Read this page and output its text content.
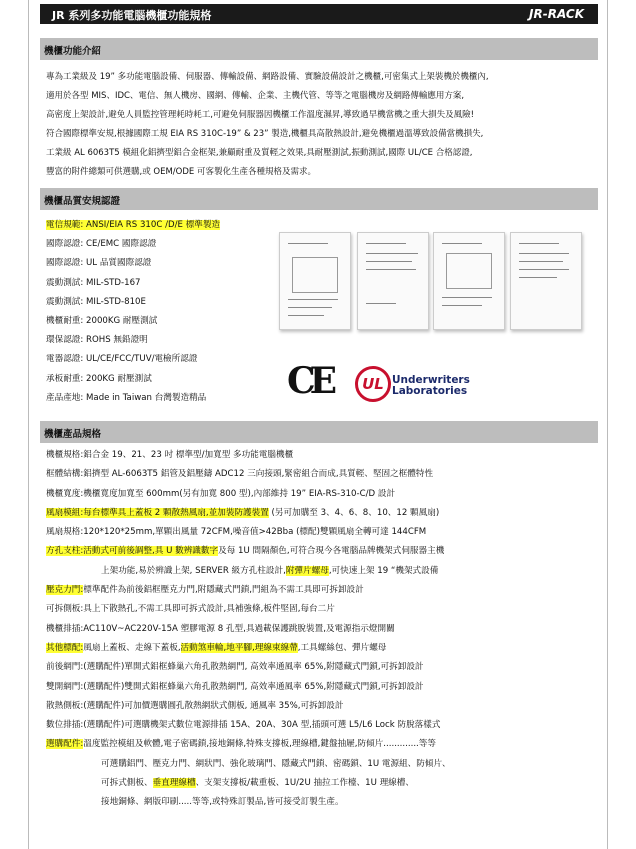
JR 系列多功能電腦機櫃功能規格	JR-RACK
機櫃功能介紹
專為工業級及 19” 多功能電腦設備、伺服器、傳輸設備、網路設備、實驗設備設計之機櫃,可密集式上架裝機於機櫃內,
適用於各型 MIS、IDC、電信、無人機房、國網、傳輸、企業、主機代管、等等之電腦機房及網路傳輸應用方案,
高密度上架設計,避免人員監控管理耗時耗工,可避免伺服器因機櫃工作溫度濕昇,導致過早機當機之重大損失及風險!
符合國際標準安規,根據國際工規 EIA RS 310C-19” & 23” 製造,機櫃具高散熱設計,避免機櫃過溫導致設備當機損失,
工業級 AL 6063T5 模組化鋁擠型鋁合金框架,兼顧耐重及質輕之效果,具耐壓測試,振動測試,國際 UL/CE 合格認證,
豐富的附件總類可供選購,或 OEM/ODE 可客製化生產各種規格及需求。
機櫃品質安規認證
電信規範: ANSI/EIA RS 310C /D/E 標準製造
國際認證: CE/EMC 國際認證
國際認證: UL 品質國際認證
震動測試: MIL-STD-167
震動測試: MIL-STD-810E
機櫃耐重: 2000KG 耐壓測試
環保認證: ROHS 無鉛證明
電器認證: UL/CE/FCC/TUV/電檢所認證
承板耐重: 200KG 耐壓測試
產品產地: Made in Taiwan 台灣製造精品	CE	UL Underwriters
Laboratories
機櫃產品規格
機櫃規格:鋁合金 19、21、23 吋 標準型/加寬型 多功能電腦機櫃
框體結構:鋁擠型 AL-6063T5 鋁管及鋁壓鑄 ADC12 三向接頭,緊密組合而成,具質輕、堅固之框體特性
機櫃寬度:機櫃寬度加寬至 600mm(另有加寬 800 型),內部維持 19” EIA-RS-310-C/D 設計
風扇模組:每台標準具上蓋板 2 顆散熱風扇,並加裝防護裝置 (另可加購至 3、4、6、8、10、12 顆風扇)
風扇規格:120*120*25mm,單顆出風量 72CFM,噪音值>42Bba (標配)雙顆風扇全轉可達 144CFM
方孔支柱:活動式可前後調整,具 U 數辨識數字及每 1U 間隔顏色,可符合現今各電腦品牌機架式伺服器主機
上架功能,易於辨識上架, SERVER 級方孔柱設計,附彈片螺母,可快速上架 19 “機架式設備
壓克力門:標準配件為前後鋁框壓克力門,附隱藏式門鎖,門組為不需工具即可拆卸設計
可拆側板:具上下散熱孔,不需工具即可拆式設計,具補強條,板件堅固,每台二片
機櫃排插:AC110V~AC220V-15A 塑膠電源 8 孔型,具過載保護跳脫裝置,及電源指示燈開關
其他標配:風扇上蓋板、走線下蓋板,活動煞車輪,地平腳,理線束線帶,工具螺絲包、彈片螺母
前後網門:(選購配件)單開式鋁框蜂巢六角孔散熱網門, 高效率通風率 65%,附隱藏式門鎖,可拆卸設計
雙開網門:(選購配件)雙開式鋁框蜂巢六角孔散熱網門, 高效率通風率 65%,附隱藏式門鎖,可拆卸設計
散熱側板:(選購配件)可加價選購圓孔散熱網狀式側板, 通風率 35%,可拆卸設計
數位排插:(選購配件)可選購機架式數位電源排插 15A、20A、30A 型,插頭可選 L5/L6 Lock 防脫落樣式
選購配件:溫度監控模組及軟體,電子密碼鎖,接地銅條,特殊支撐板,理線槽,鍵盤抽屜,防傾片.............等等
可選購鋁門、壓克力門、網狀門、強化玻璃門、隱藏式門鎖、密碼鎖、1U 電源組、防傾片、
可拆式側板、垂直理線槽、支架支撐板/載重板、1U/2U 抽拉工作檯、1U 理線槽、
接地銅條、網版印刷.....等等,或特殊訂製品,皆可接受訂製生產。
